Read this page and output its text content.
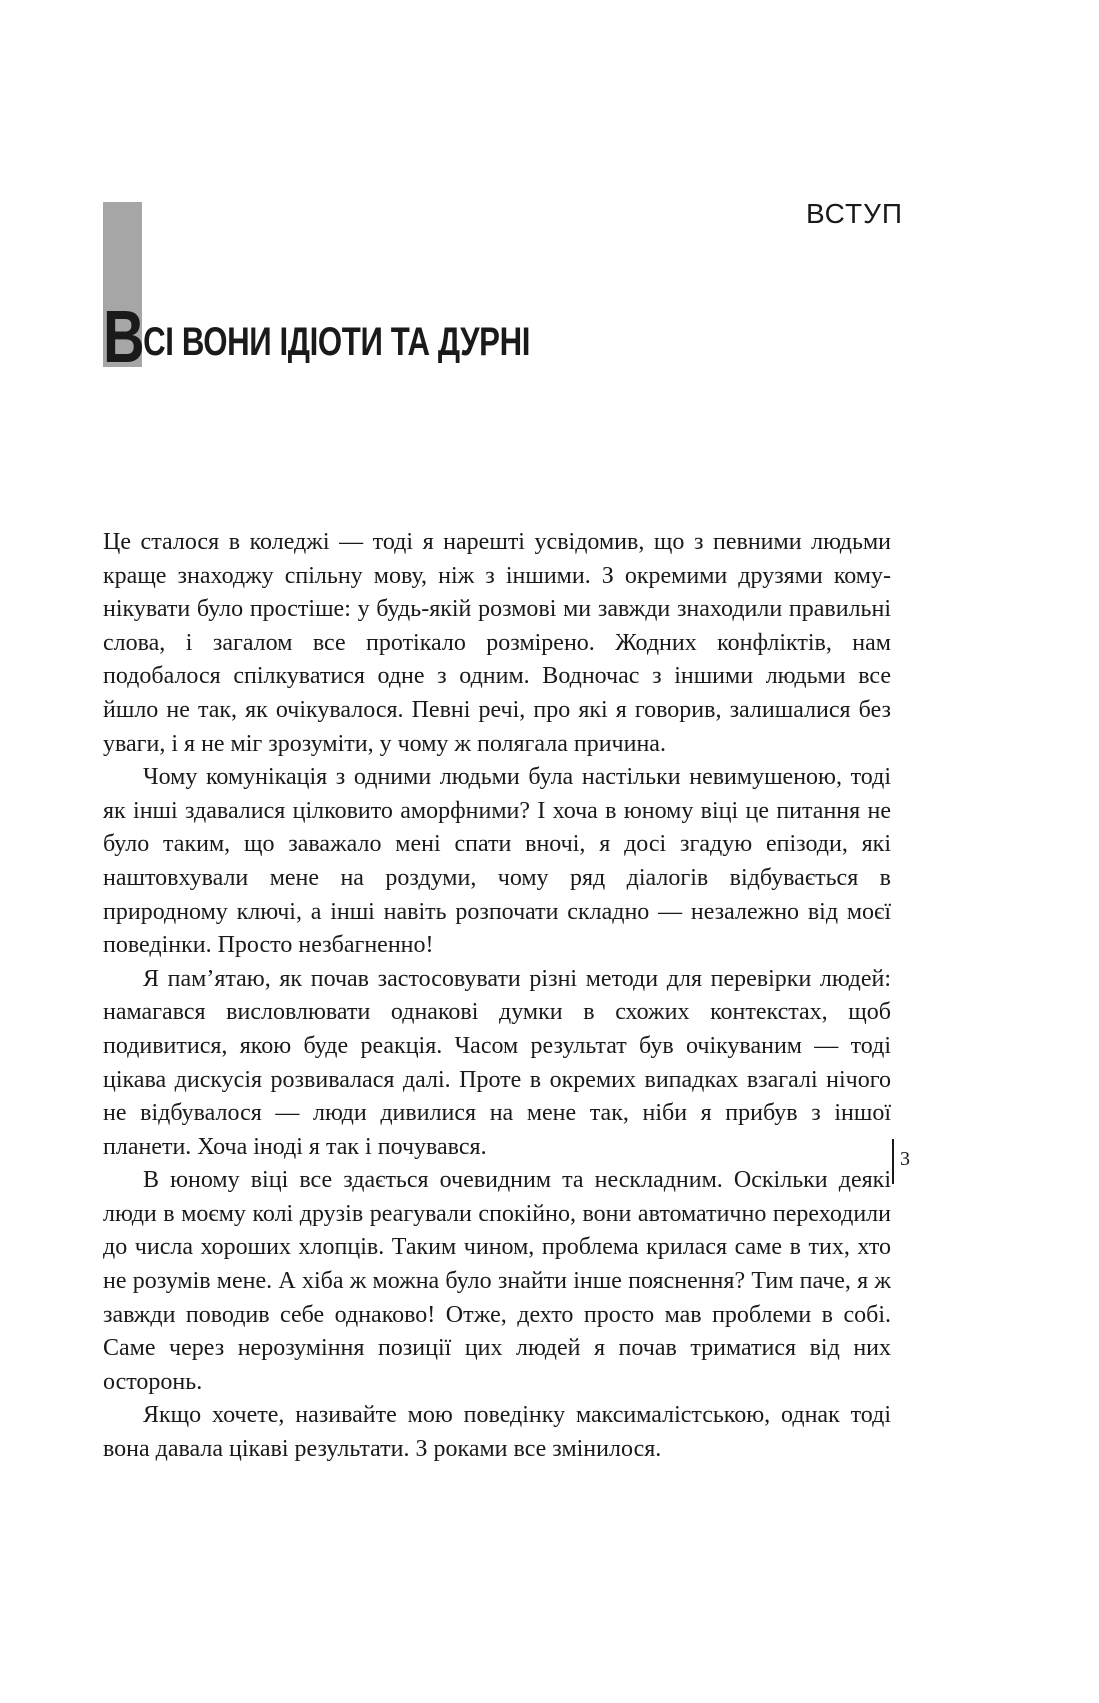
ВСТУП
В СІ ВОНИ ІДІОТИ ТА ДУРНІ

Це сталося в коледжі — тоді я нарешті усвідомив, що з певними людьми краще знаходжу спільну мову, ніж з іншими. З окремими друзями комунікувати було простіше: у будь-якій розмові ми завжди знаходили правильні слова, і загалом все протікало розмірено. Жодних конфліктів, нам подобалося спілкуватися одне з одним. Водночас з іншими людьми все йшло не так, як очікувалося. Певні речі, про які я говорив, залишалися без уваги, і я не міг зрозуміти, у чому ж полягала причина.

Чому комунікація з одними людьми була настільки невимушеною, тоді як інші здавалися цілковито аморфними? І хоча в юному віці це питання не було таким, що заважало мені спати вночі, я досі згадую епізоди, які наштовхували мене на роздуми, чому ряд діалогів відбувається в природному ключі, а інші навіть розпочати складно — незалежно від моєї поведінки. Просто незбагненно!

Я пам’ятаю, як почав застосовувати різні методи для перевірки людей: намагався висловлювати однакові думки в схожих контекстах, щоб подивитися, якою буде реакція. Часом результат був очікуваним — тоді цікава дискусія розвивалася далі. Проте в окремих випадках взагалі нічого не відбувалося — люди дивилися на мене так, ніби я прибув з іншої планети. Хоча іноді я так і почувався.

В юному віці все здається очевидним та нескладним. Оскільки деякі люди в моєму колі друзів реагували спокійно, вони автоматично переходили до числа хороших хлопців. Таким чином, проблема крилася саме в тих, хто не розумів мене. А хіба ж можна було знайти інше пояснення? Тим паче, я ж завжди поводив себе однаково! Отже, дехто просто мав проблеми в собі. Саме через нерозуміння позиції цих людей я почав триматися від них осторонь.

Якщо хочете, називайте мою поведінку максималістською, однак тоді вона давала цікаві результати. З роками все змінилося.

3
